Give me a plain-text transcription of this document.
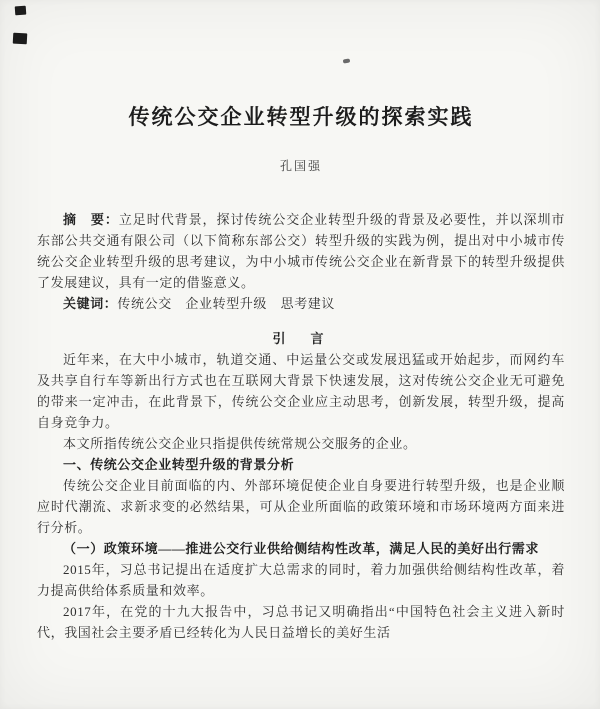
传统公交企业转型升级的探索实践
孔国强

摘　要：立足时代背景，探讨传统公交企业转型升级的背景及必要性，并以深圳市东部公共交通有限公司（以下简称东部公交）转型升级的实践为例，提出对中小城市传统公交企业转型升级的思考建议，为中小城市传统公交企业在新背景下的转型升级提供了发展建议，具有一定的借鉴意义。

关键词：传统公交　企业转型升级　思考建议

引　言

近年来，在大中小城市，轨道交通、中运量公交或发展迅猛或开始起步，而网约车及共享自行车等新出行方式也在互联网大背景下快速发展，这对传统公交企业无可避免的带来一定冲击，在此背景下，传统公交企业应主动思考，创新发展，转型升级，提高自身竞争力。

本文所指传统公交企业只指提供传统常规公交服务的企业。

一、传统公交企业转型升级的背景分析

传统公交企业目前面临的内、外部环境促使企业自身要进行转型升级，也是企业顺应时代潮流、求新求变的必然结果，可从企业所面临的政策环境和市场环境两方面来进行分析。

（一）政策环境——推进公交行业供给侧结构性改革，满足人民的美好出行需求

2015年，习总书记提出在适度扩大总需求的同时，着力加强供给侧结构性改革，着力提高供给体系质量和效率。

2017年，在党的十九大报告中，习总书记又明确指出“中国特色社会主义进入新时代，我国社会主要矛盾已经转化为人民日益增长的美好生活
